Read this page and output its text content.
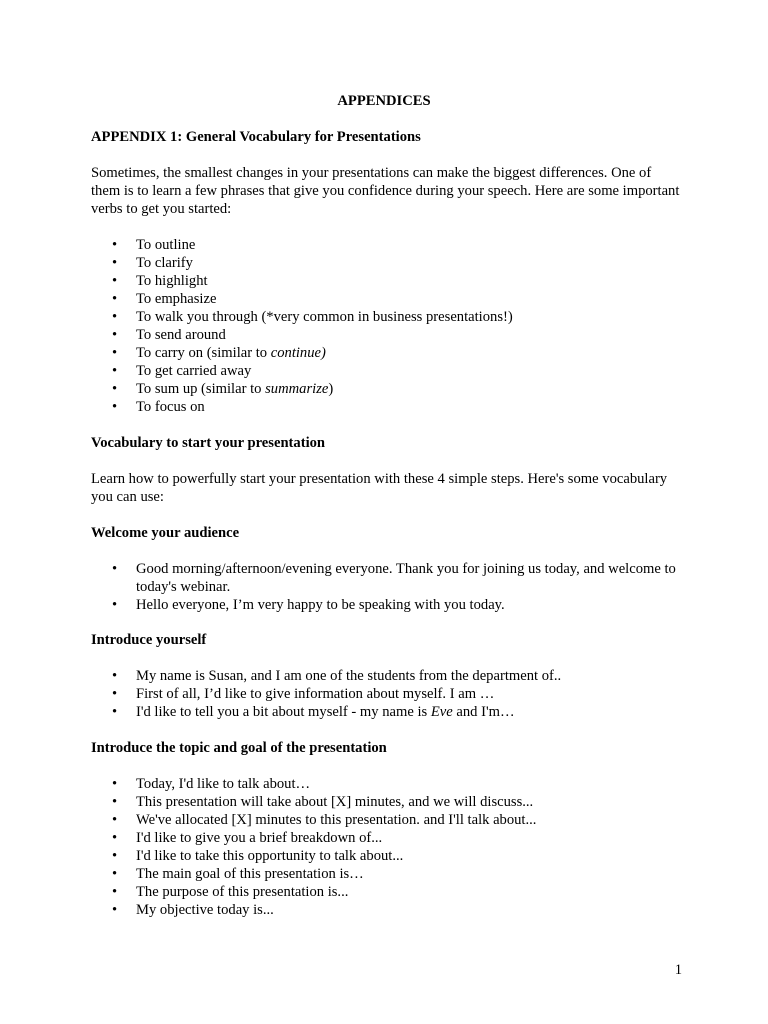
APPENDICES

APPENDIX 1: General Vocabulary for Presentations

Sometimes, the smallest changes in your presentations can make the biggest differences. One of them is to learn a few phrases that give you confidence during your speech. Here are some important verbs to get you started:

• To outline
• To clarify
• To highlight
• To emphasize
• To walk you through (*very common in business presentations!)
• To send around
• To carry on (similar to continue)
• To get carried away
• To sum up (similar to summarize)
• To focus on

Vocabulary to start your presentation

Learn how to powerfully start your presentation with these 4 simple steps. Here's some vocabulary you can use:

Welcome your audience

• Good morning/afternoon/evening everyone. Thank you for joining us today, and welcome to today's webinar.
• Hello everyone, I’m very happy to be speaking with you today.

Introduce yourself

• My name is Susan, and I am one of the students from the department of..
• First of all, I’d like to give information about myself. I am …
• I'd like to tell you a bit about myself - my name is Eve and I'm…

Introduce the topic and goal of the presentation

• Today, I'd like to talk about…
• This presentation will take about [X] minutes, and we will discuss...
• We've allocated [X] minutes to this presentation. and I'll talk about...
• I'd like to give you a brief breakdown of...
• I'd like to take this opportunity to talk about...
• The main goal of this presentation is…
• The purpose of this presentation is...
• My objective today is...
1
